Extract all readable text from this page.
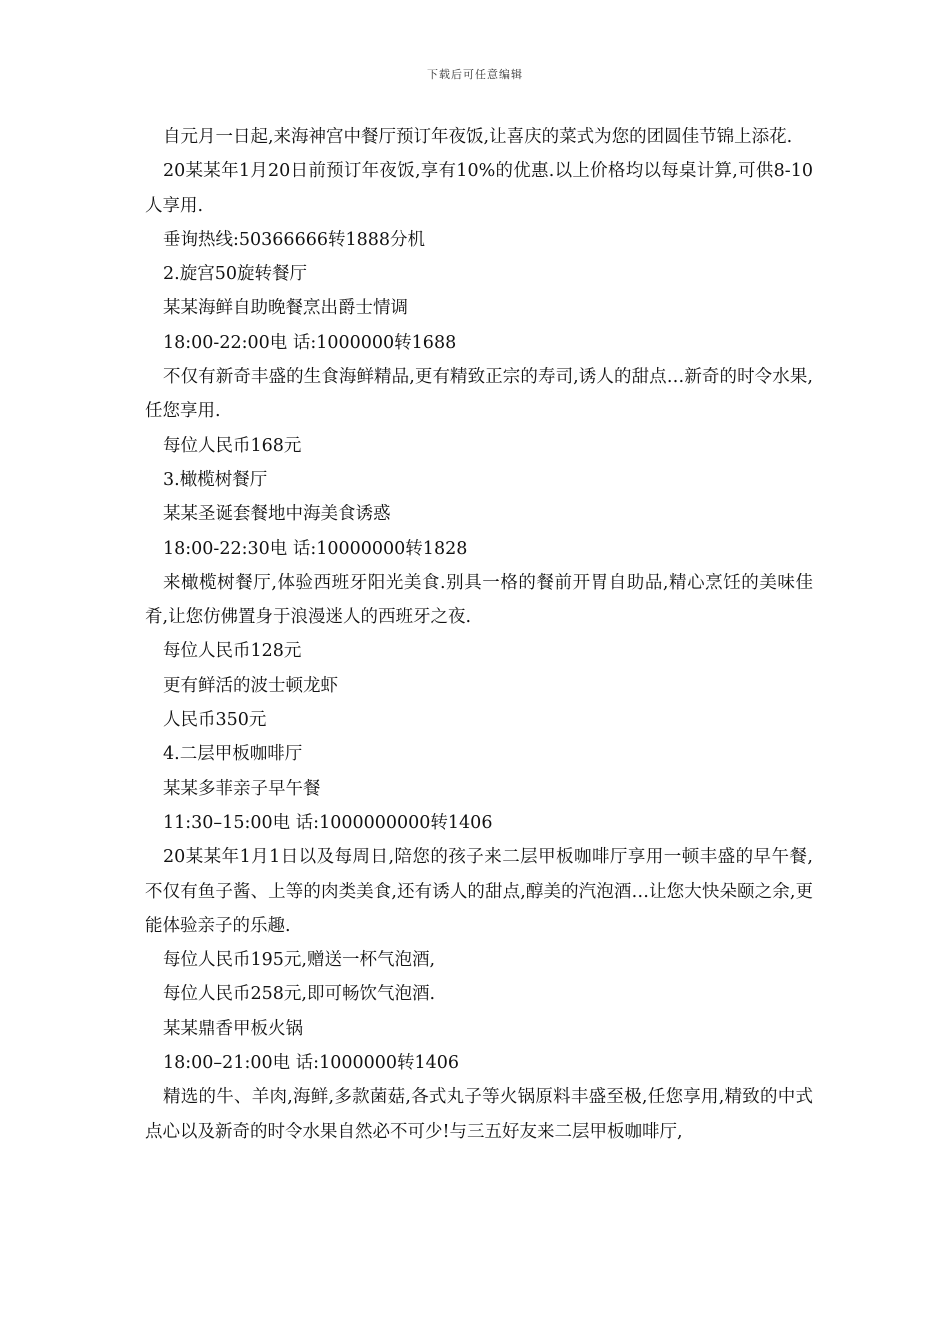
下载后可任意编辑

自元月一日起,来海神宫中餐厅预订年夜饭,让喜庆的菜式为您的团圆佳节锦上添花.

20某某年1月20日前预订年夜饭,享有10%的优惠.以上价格均以每桌计算,可供8-10人享用.

垂询热线:50366666转1888分机

2.旋宫50旋转餐厅

某某海鲜自助晚餐烹出爵士情调

18:00-22:00电 话:1000000转1688

不仅有新奇丰盛的生食海鲜精品,更有精致正宗的寿司,诱人的甜点…新奇的时令水果,任您享用.

每位人民币168元

3.橄榄树餐厅

某某圣诞套餐地中海美食诱惑

18:00-22:30电 话:10000000转1828

来橄榄树餐厅,体验西班牙阳光美食.别具一格的餐前开胃自助品,精心烹饪的美味佳肴,让您仿佛置身于浪漫迷人的西班牙之夜.

每位人民币128元

更有鲜活的波士顿龙虾

人民币350元

4.二层甲板咖啡厅

某某多菲亲子早午餐

11:30–15:00电 话:1000000000转1406

20某某年1月1日以及每周日,陪您的孩子来二层甲板咖啡厅享用一顿丰盛的早午餐,不仅有鱼子酱、上等的肉类美食,还有诱人的甜点,醇美的汽泡酒…让您大快朵颐之余,更能体验亲子的乐趣.

每位人民币195元,赠送一杯气泡酒,

每位人民币258元,即可畅饮气泡酒.

某某鼎香甲板火锅

18:00–21:00电 话:1000000转1406

精选的牛、羊肉,海鲜,多款菌菇,各式丸子等火锅原料丰盛至极,任您享用,精致的中式点心以及新奇的时令水果自然必不可少!与三五好友来二层甲板咖啡厅,
